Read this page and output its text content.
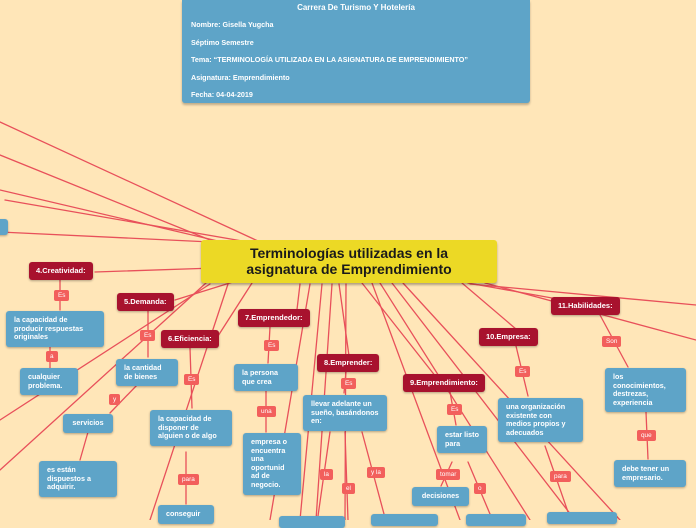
Carrera De Turismo Y Hotelería
Nombre: Gisella Yugcha
Séptimo Semestre
Tema: “TERMINOLOGÍA UTILIZADA EN LA ASIGNATURA DE EMPRENDIMIENTO”
Asignatura: Emprendimiento
Fecha: 04-04-2019
Terminologías utilizadas en la
asignatura de Emprendimiento
4.Creatividad:
5.Demanda:
6.Eficiencia:
7.Emprendedor:
8.Emprender:
9.Emprendimiento:
10.Empresa:
11.Habilidades:
la capacidad de producir respuestas originales
cualquier problema.
la cantidad de bienes
servicios
es están dispuestos a adquirir.
la capacidad de disponer de alguien o de algo
conseguir
la persona que crea
empresa o encuentra una oportunid ad de negocio.
llevar adelante un sueño, basándonos en:
estar listo para
decisiones
una organización existente con medios propios y adecuados
los conocimientos, destrezas, experiencia
debe tener un empresario.
Es
a
Es
y
Es
para
Es
una
Es
la
el
y la
Es
tomar
o
Es
para
Son
que
